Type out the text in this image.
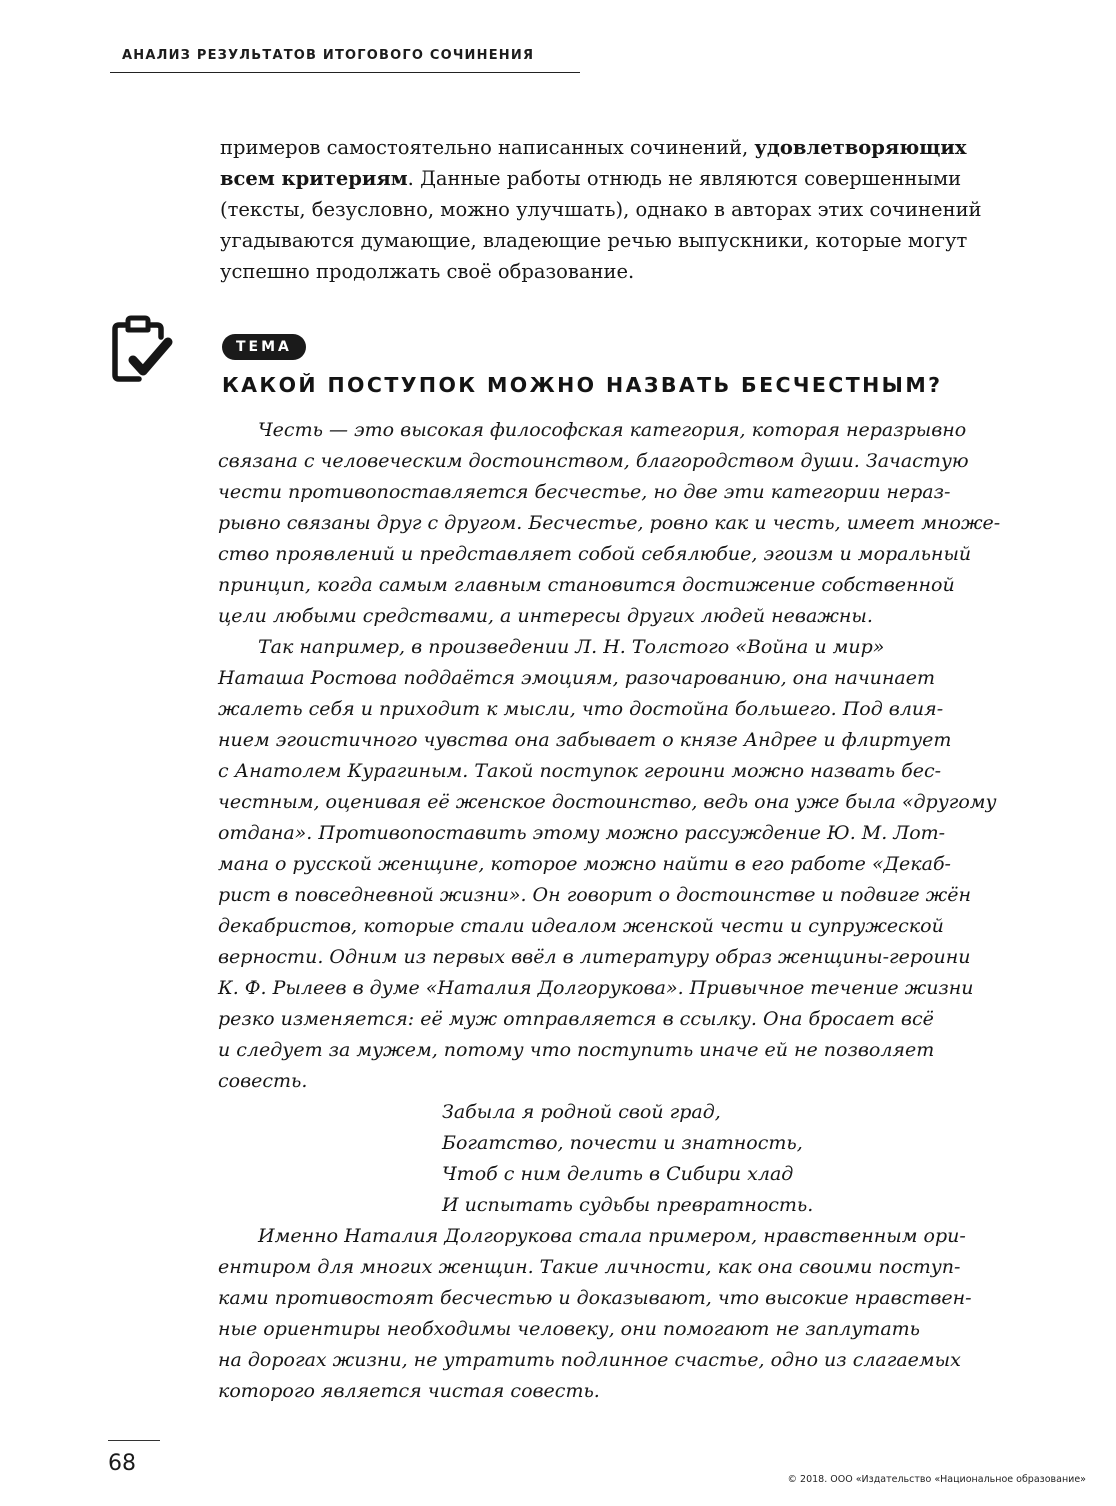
АНАЛИЗ РЕЗУЛЬТАТОВ ИТОГОВОГО СОЧИНЕНИЯ
примеров самостоятельно написанных сочинений, удовлетворяющих
всем критериям. Данные работы отнюдь не являются совершенными
(тексты, безусловно, можно улучшать), однако в авторах этих сочинений
угадываются думающие, владеющие речью выпускники, которые могут
успешно продолжать своё образование.
ТЕМА
КАКОЙ ПОСТУПОК МОЖНО НАЗВАТЬ БЕСЧЕСТНЫМ?
Честь — это высокая философская категория, которая неразрывно
связана с человеческим достоинством, благородством души. Зачастую
чести противопоставляется бесчестье, но две эти категории нераз-
рывно связаны друг с другом. Бесчестье, ровно как и честь, имеет множе-
ство проявлений и представляет собой себялюбие, эгоизм и моральный
принцип, когда самым главным становится достижение собственной
цели любыми средствами, а интересы других людей неважны.
Так например, в произведении Л. Н. Толстого «Война и мир»
Наташа Ростова поддаётся эмоциям, разочарованию, она начинает
жалеть себя и приходит к мысли, что достойна большего. Под влия-
нием эгоистичного чувства она забывает о князе Андрее и флиртует
с Анатолем Курагиным. Такой поступок героини можно назвать бес-
честным, оценивая её женское достоинство, ведь она уже была «другому
отдана». Противопоставить этому можно рассуждение Ю. М. Лот-
мана о русской женщине, которое можно найти в его работе «Декаб-
рист в повседневной жизни». Он говорит о достоинстве и подвиге жён
декабристов, которые стали идеалом женской чести и супружеской
верности. Одним из первых ввёл в литературу образ женщины-героини
К. Ф. Рылеев в думе «Наталия Долгорукова». Привычное течение жизни
резко изменяется: её муж отправляется в ссылку. Она бросает всё
и следует за мужем, потому что поступить иначе ей не позволяет
совесть.
Забыла я родной свой град,
Богатство, почести и знатность,
Чтоб с ним делить в Сибири хлад
И испытать судьбы превратность.
Именно Наталия Долгорукова стала примером, нравственным ори-
ентиром для многих женщин. Такие личности, как она своими поступ-
ками противостоят бесчестью и доказывают, что высокие нравствен-
ные ориентиры необходимы человеку, они помогают не заплутать
на дорогах жизни, не утратить подлинное счастье, одно из слагаемых
которого является чистая совесть.
68
© 2018. ООО «Издательство «Национальное образование»
